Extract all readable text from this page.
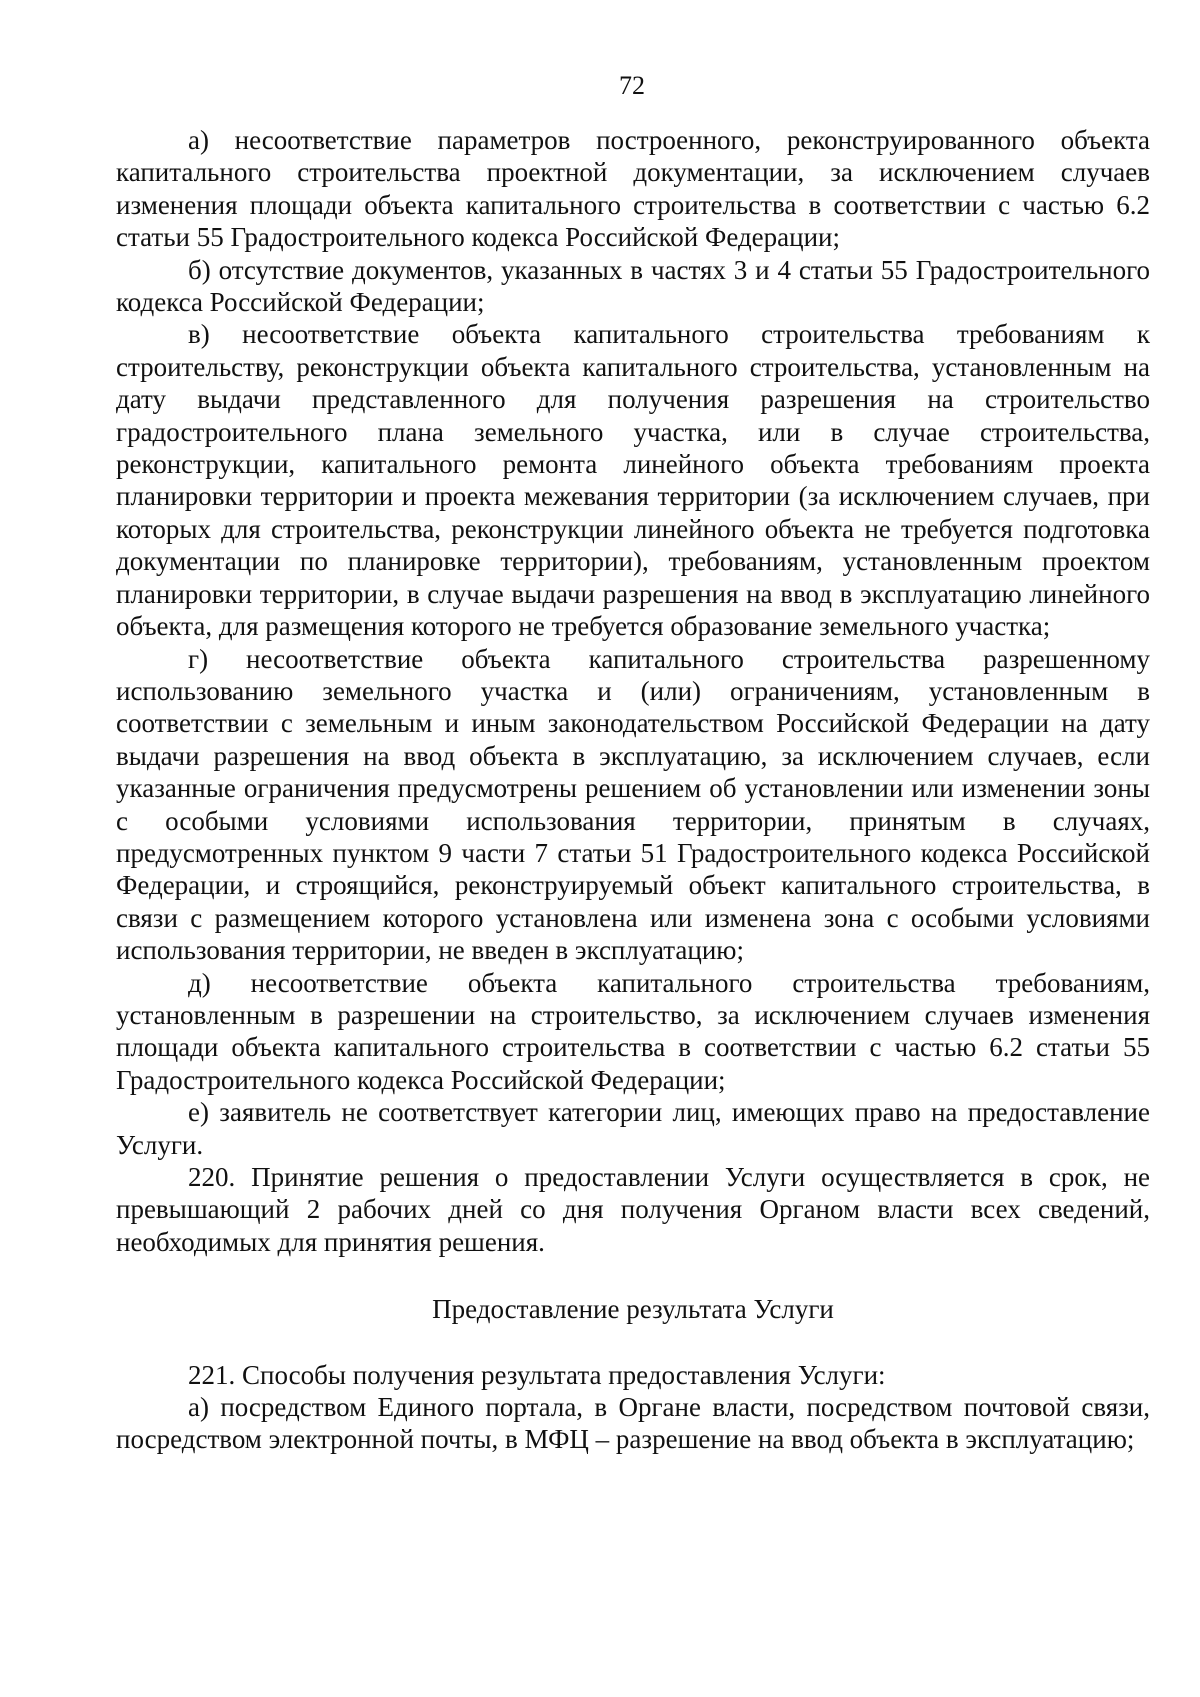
72

а) несоответствие параметров построенного, реконструированного объекта капитального строительства проектной документации, за исключением случаев изменения площади объекта капитального строительства в соответствии с частью 6.2 статьи 55 Градостроительного кодекса Российской Федерации;

б) отсутствие документов, указанных в частях 3 и 4 статьи 55 Градостроительного кодекса Российской Федерации;

в) несоответствие объекта капитального строительства требованиям к строительству, реконструкции объекта капитального строительства, установленным на дату выдачи представленного для получения разрешения на строительство градостроительного плана земельного участка, или в случае строительства, реконструкции, капитального ремонта линейного объекта требованиям проекта планировки территории и проекта межевания территории (за исключением случаев, при которых для строительства, реконструкции линейного объекта не требуется подготовка документации по планировке территории), требованиям, установленным проектом планировки территории, в случае выдачи разрешения на ввод в эксплуатацию линейного объекта, для размещения которого не требуется образование земельного участка;

г) несоответствие объекта капитального строительства разрешенному использованию земельного участка и (или) ограничениям, установленным в соответствии с земельным и иным законодательством Российской Федерации на дату выдачи разрешения на ввод объекта в эксплуатацию, за исключением случаев, если указанные ограничения предусмотрены решением об установлении или изменении зоны с особыми условиями использования территории, принятым в случаях, предусмотренных пунктом 9 части 7 статьи 51 Градостроительного кодекса Российской Федерации, и строящийся, реконструируемый объект капитального строительства, в связи с размещением которого установлена или изменена зона с особыми условиями использования территории, не введен в эксплуатацию;

д) несоответствие объекта капитального строительства требованиям, установленным в разрешении на строительство, за исключением случаев изменения площади объекта капитального строительства в соответствии с частью 6.2 статьи 55 Градостроительного кодекса Российской Федерации;

е) заявитель не соответствует категории лиц, имеющих право на предоставление Услуги.

220. Принятие решения о предоставлении Услуги осуществляется в срок, не превышающий 2 рабочих дней со дня получения Органом власти всех сведений, необходимых для принятия решения.

Предоставление результата Услуги

221. Способы получения результата предоставления Услуги:

а) посредством Единого портала, в Органе власти, посредством почтовой связи, посредством электронной почты, в МФЦ – разрешение на ввод объекта в эксплуатацию;
